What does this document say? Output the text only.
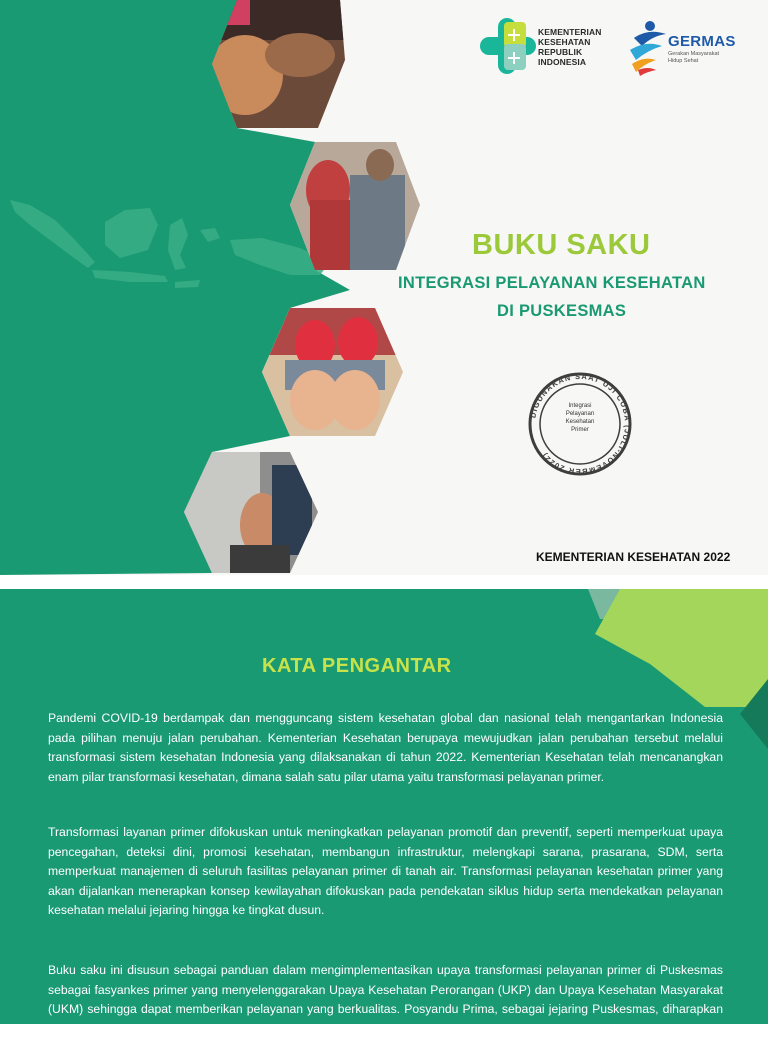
DIGUNAKAN SAAT UJI COBA (JULI-NOVEMBER 2022)
KEMENTERIAN
KESEHATAN
REPUBLIK
INDONESIA
GERMAS
Gerakan Masyarakat
Hidup Sehat
BUKU SAKU
INTEGRASI PELAYANAN KESEHATAN
DI PUSKESMAS
Integrasi
Pelayanan
Kesehatan
Primer
KEMENTERIAN KESEHATAN 2022
KATA PENGANTAR
Pandemi COVID-19 berdampak dan mengguncang sistem kesehatan global dan nasional telah mengantarkan Indonesia pada pilihan menuju jalan perubahan. Kementerian Kesehatan berupaya mewujudkan jalan perubahan tersebut melalui transformasi sistem kesehatan Indonesia yang dilaksanakan di tahun 2022. Kementerian Kesehatan telah mencanangkan enam pilar transformasi kesehatan, dimana salah satu pilar utama yaitu transformasi pelayanan primer.
Transformasi layanan primer difokuskan untuk meningkatkan pelayanan promotif dan preventif, seperti memperkuat upaya pencegahan, deteksi dini, promosi kesehatan, membangun infrastruktur, melengkapi sarana, prasarana, SDM, serta memperkuat manajemen di seluruh fasilitas pelayanan primer di tanah air. Transformasi pelayanan kesehatan primer yang akan dijalankan menerapkan konsep kewilayahan difokuskan pada pendekatan siklus hidup serta mendekatkan pelayanan kesehatan melalui jejaring hingga ke tingkat dusun.
Buku saku ini disusun sebagai panduan dalam mengimplementasikan upaya transformasi pelayanan primer di Puskesmas sebagai fasyankes primer yang menyelenggarakan Upaya Kesehatan Perorangan (UKP) dan Upaya Kesehatan Masyarakat (UKM) sehingga dapat memberikan pelayanan yang berkualitas. Posyandu Prima, sebagai jejaring Puskesmas, diharapkan semakin berkembang, baik jumlah maupun kualitas
